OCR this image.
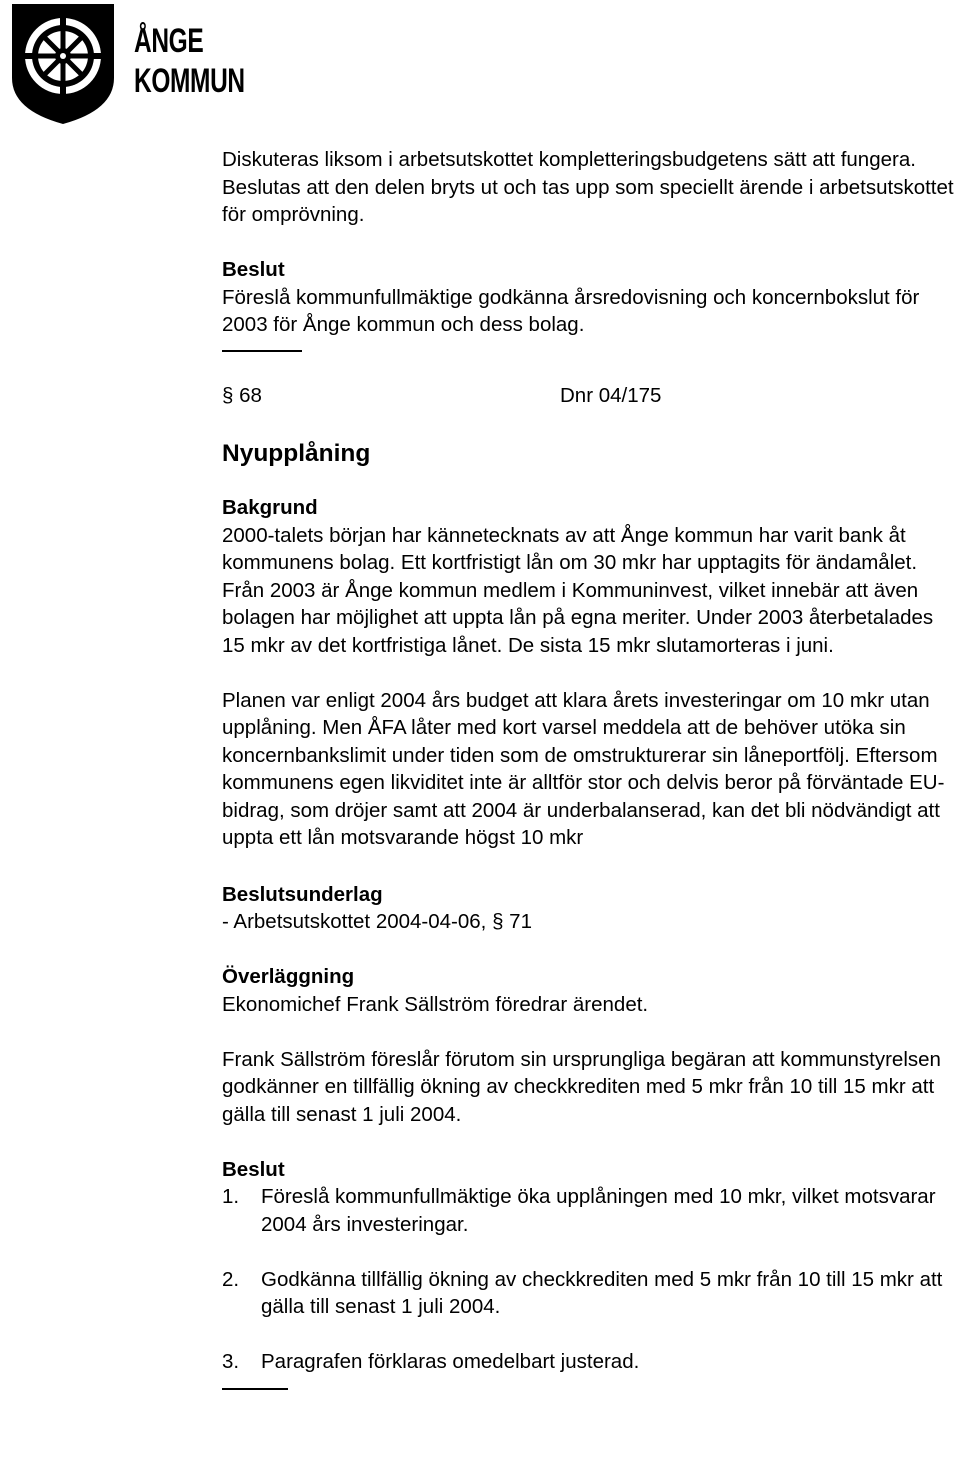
ÅNGE
KOMMUN

Diskuteras liksom i arbetsutskottet kompletteringsbudgetens sätt att fungera. Beslutas att den delen bryts ut och tas upp som speciellt ärende i arbetsutskottet för omprövning.

Beslut

Föreslå kommunfullmäktige godkänna årsredovisning och koncernbokslut för 2003 för Ånge kommun och dess bolag.

§ 68	Dnr 04/175
Nyupplåning
Bakgrund

2000-talets början har kännetecknats av att Ånge kommun har varit bank åt kommunens bolag. Ett kortfristigt lån om 30 mkr har upptagits för ändamålet. Från 2003 är Ånge kommun medlem i Kommuninvest, vilket innebär att även bolagen har möjlighet att uppta lån på egna meriter. Under 2003 återbetalades 15 mkr av det kortfristiga lånet. De sista 15 mkr slutamorteras i juni.

Planen var enligt 2004 års budget att klara årets investeringar om 10 mkr utan upplåning. Men ÅFA låter med kort varsel meddela att de behöver utöka sin koncernbankslimit under tiden som de omstrukturerar sin låneportfölj. Eftersom kommunens egen likviditet inte är alltför stor och delvis beror på förväntade EU-bidrag, som dröjer samt att 2004 är underbalanserad, kan det bli nödvändigt att uppta ett lån motsvarande högst 10 mkr

Beslutsunderlag

- Arbetsutskottet 2004-04-06, § 71

Överläggning

Ekonomichef Frank Sällström föredrar ärendet.

Frank Sällström föreslår förutom sin ursprungliga begäran att kommunstyrelsen godkänner en tillfällig ökning av checkkrediten med 5 mkr från 10 till 15 mkr att gälla till senast 1 juli 2004.

Beslut
1.	Föreslå kommunfullmäktige öka upplåningen med 10 mkr, vilket motsvarar 2004 års investeringar.
2.	Godkänna tillfällig ökning av checkkrediten med 5 mkr från 10 till 15 mkr att gälla till senast 1 juli 2004.
3.	Paragrafen förklaras omedelbart justerad.
